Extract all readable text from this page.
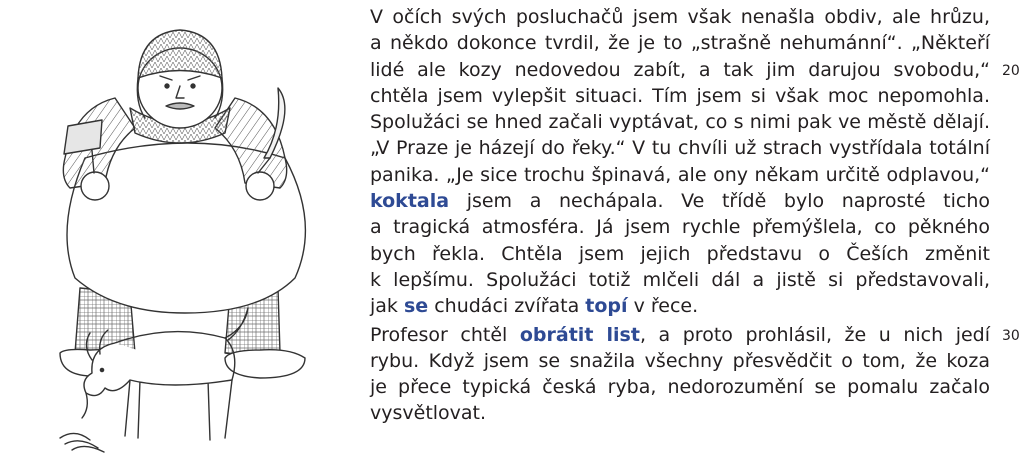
V očích svých posluchačů jsem však nenašla obdiv, ale hrůzu,
a někdo dokonce tvrdil, že je to „strašně nehumánní“. „Někteří
lidé ale kozy nedovedou zabít, a tak jim darujou svobodu,“ 20
chtěla jsem vylepšit situaci. Tím jsem si však moc nepomohla.
Spolužáci se hned začali vyptávat, co s nimi pak ve městě dělají.
„V Praze je házejí do řeky.“ V tu chvíli už strach vystřídala totální
panika. „Je sice trochu špinavá, ale ony někam určitě odplavou,“
koktala jsem a nechápala. Ve třídě bylo naprosté ticho
a tragická atmosféra. Já jsem rychle přemýšlela, co pěkného
bych řekla. Chtěla jsem jejich představu o Češích změnit
k lepšímu. Spolužáci totiž mlčeli dál a jistě si představovali,
jak se chudáci zvířata topí v řece.
Profesor chtěl obrátit list, a proto prohlásil, že u nich jedí 30
rybu. Když jsem se snažila všechny přesvědčit o tom, že koza
je přece typická česká ryba, nedorozumění se pomalu začalo
vysvětlovat.
